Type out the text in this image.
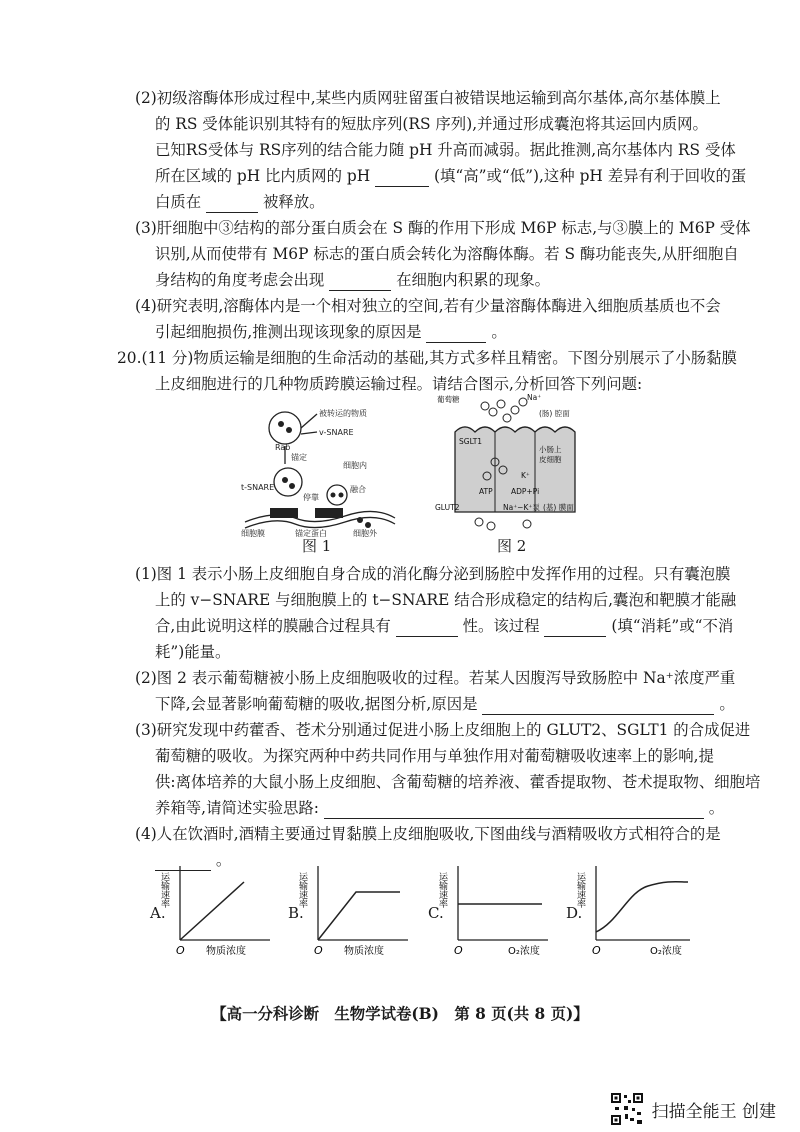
(2)初级溶酶体形成过程中,某些内质网驻留蛋白被错误地运输到高尔基体,高尔基体膜上
的 RS 受体能识别其特有的短肽序列(RS 序列),并通过形成囊泡将其运回内质网。
已知RS受体与 RS序列的结合能力随 pH 升高而减弱。据此推测,高尔基体内 RS 受体
所在区域的 pH 比内质网的 pH	(填“高”或“低”),这种 pH 差异有利于回收的蛋
白质在	被释放。
(3)肝细胞中③结构的部分蛋白质会在 S 酶的作用下形成 M6P 标志,与③膜上的 M6P 受体
识别,从而使带有 M6P 标志的蛋白质会转化为溶酶体酶。若 S 酶功能丧失,从肝细胞自
身结构的角度考虑会出现	在细胞内积累的现象。
(4)研究表明,溶酶体内是一个相对独立的空间,若有少量溶酶体酶进入细胞质基质也不会
引起细胞损伤,推测出现该现象的原因是	。
20.(11 分)物质运输是细胞的生命活动的基础,其方式多样且精密。下图分别展示了小肠黏膜
上皮细胞进行的几种物质跨膜运输过程。请结合图示,分析回答下列问题:
被转运的物质
v-SNARE
Rab
锚定
细胞内
t-SNARE
停靠
融合
细胞膜	锚定蛋白	细胞外
图 1
葡萄糖	Na⁺
(肠) 腔面
SGLT1
小肠上
皮细胞
K⁺
ATP ADP+Pi
GLUT2	Na⁺−K⁺泵 (基) 膜面
图 2
(1)图 1 表示小肠上皮细胞自身合成的消化酶分泌到肠腔中发挥作用的过程。只有囊泡膜
上的 v−SNARE 与细胞膜上的 t−SNARE 结合形成稳定的结构后,囊泡和靶膜才能融
合,由此说明这样的膜融合过程具有	性。该过程	(填“消耗”或“不消
耗”)能量。
(2)图 2 表示葡萄糖被小肠上皮细胞吸收的过程。若某人因腹泻导致肠腔中 Na⁺浓度严重
下降,会显著影响葡萄糖的吸收,据图分析,原因是	。
(3)研究发现中药藿香、苍术分别通过促进小肠上皮细胞上的 GLUT2、SGLT1 的合成促进
葡萄糖的吸收。为探究两种中药共同作用与单独作用对葡萄糖吸收速率上的影响,提
供:离体培养的大鼠小肠上皮细胞、含葡萄糖的培养液、藿香提取物、苍术提取物、细胞培
养箱等,请简述实验思路:	。
(4)人在饮酒时,酒精主要通过胃黏膜上皮细胞吸收,下图曲线与酒精吸收方式相符合的是
。
A.
O 物质浓度
运输速率
B.
O 物质浓度
运输速率
C.
O	O₂浓度
运输速率
D.
O	O₂浓度
运输速率
【高一分科诊断　生物学试卷(B)　第 8 页(共 8 页)】
扫描全能王 创建
